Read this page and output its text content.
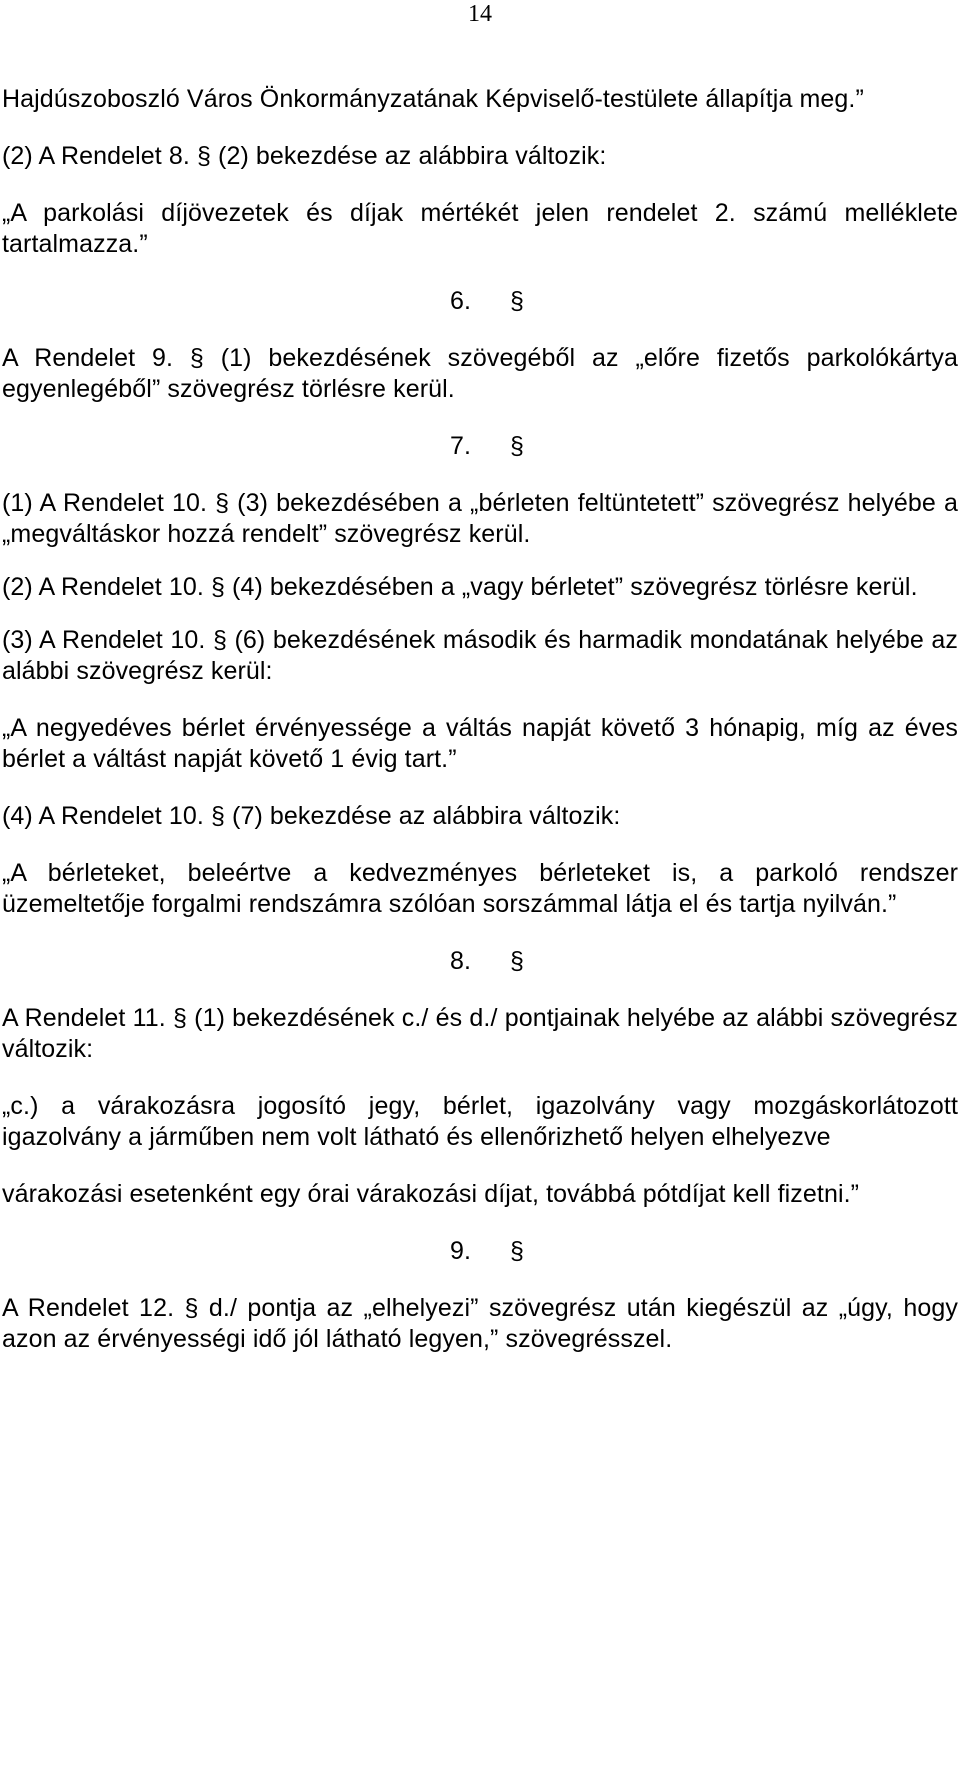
14

Hajdúszoboszló Város Önkormányzatának Képviselő-testülete állapítja meg.”

(2) A Rendelet 8. § (2) bekezdése az alábbira változik:

„A parkolási díjövezetek és díjak mértékét jelen rendelet 2. számú melléklete tartalmazza.”

6. §

A Rendelet 9. § (1) bekezdésének szövegéből az „előre fizetős parkolókártya egyenlegéből” szövegrész törlésre kerül.

7. §

(1) A Rendelet 10. § (3) bekezdésében a „bérleten feltüntetett” szövegrész helyébe a „megváltáskor hozzá rendelt” szövegrész kerül.

(2) A Rendelet 10. § (4) bekezdésében a „vagy bérletet” szövegrész törlésre kerül.

(3) A Rendelet 10. § (6) bekezdésének második és harmadik mondatának helyébe az alábbi szövegrész kerül:

„A negyedéves bérlet érvényessége a váltás napját követő 3 hónapig, míg az éves bérlet a váltást napját követő 1 évig tart.”

(4) A Rendelet 10. § (7) bekezdése az alábbira változik:

„A bérleteket, beleértve a kedvezményes bérleteket is, a parkoló rendszer üzemeltetője forgalmi rendszámra szólóan sorszámmal látja el és tartja nyilván.”

8. §

A Rendelet 11. § (1) bekezdésének c./ és d./ pontjainak helyébe az alábbi szövegrész változik:

„c.) a várakozásra jogosító jegy, bérlet, igazolvány vagy mozgáskorlátozott igazolvány a járműben nem volt látható és ellenőrizhető helyen elhelyezve

várakozási esetenként egy órai várakozási díjat, továbbá pótdíjat kell fizetni.”

9. §

A Rendelet 12. § d./ pontja az „elhelyezi” szövegrész után kiegészül az „úgy, hogy azon az érvényességi idő jól látható legyen,” szövegrésszel.
